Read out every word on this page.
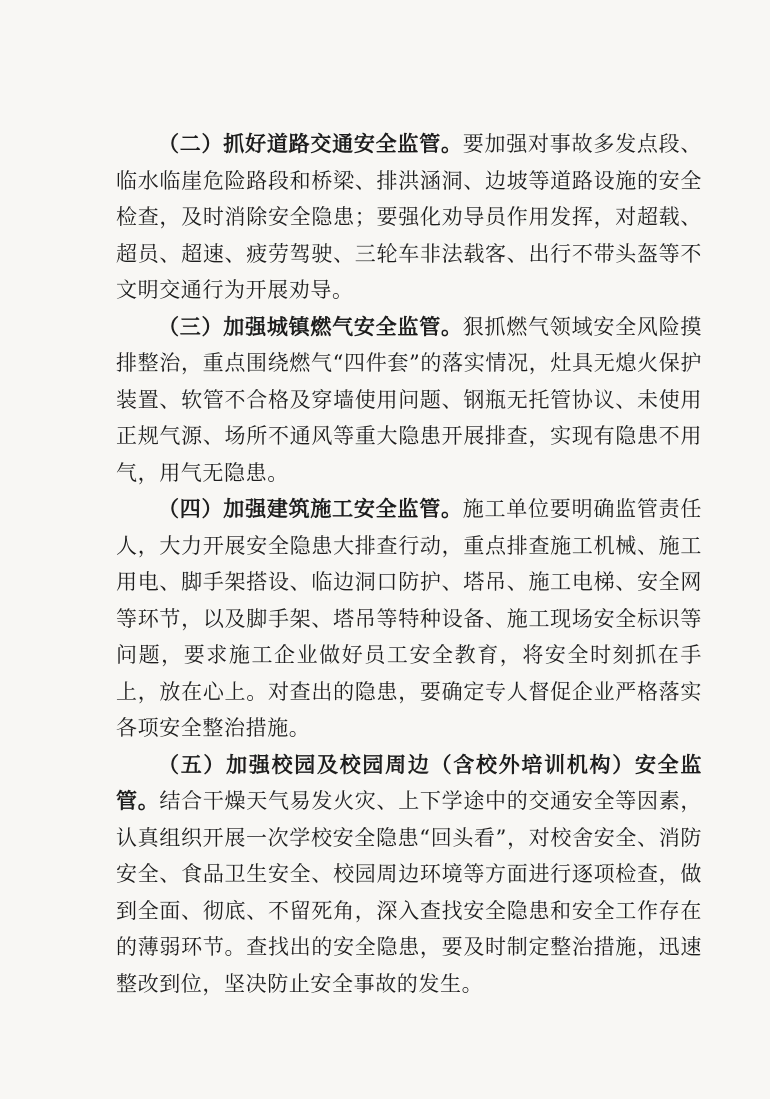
（二）抓好道路交通安全监管。要加强对事故多发点段、临水临崖危险路段和桥梁、排洪涵洞、边坡等道路设施的安全检查，及时消除安全隐患；要强化劝导员作用发挥，对超载、超员、超速、疲劳驾驶、三轮车非法载客、出行不带头盔等不文明交通行为开展劝导。

（三）加强城镇燃气安全监管。狠抓燃气领域安全风险摸排整治，重点围绕燃气“四件套”的落实情况，灶具无熄火保护装置、软管不合格及穿墙使用问题、钢瓶无托管协议、未使用正规气源、场所不通风等重大隐患开展排查，实现有隐患不用气，用气无隐患。

（四）加强建筑施工安全监管。施工单位要明确监管责任人，大力开展安全隐患大排查行动，重点排查施工机械、施工用电、脚手架搭设、临边洞口防护、塔吊、施工电梯、安全网等环节，以及脚手架、塔吊等特种设备、施工现场安全标识等问题，要求施工企业做好员工安全教育，将安全时刻抓在手上，放在心上。对查出的隐患，要确定专人督促企业严格落实各项安全整治措施。

（五）加强校园及校园周边（含校外培训机构）安全监管。结合干燥天气易发火灾、上下学途中的交通安全等因素，认真组织开展一次学校安全隐患“回头看”，对校舍安全、消防安全、食品卫生安全、校园周边环境等方面进行逐项检查，做到全面、彻底、不留死角，深入查找安全隐患和安全工作存在的薄弱环节。查找出的安全隐患，要及时制定整治措施，迅速整改到位，坚决防止安全事故的发生。
